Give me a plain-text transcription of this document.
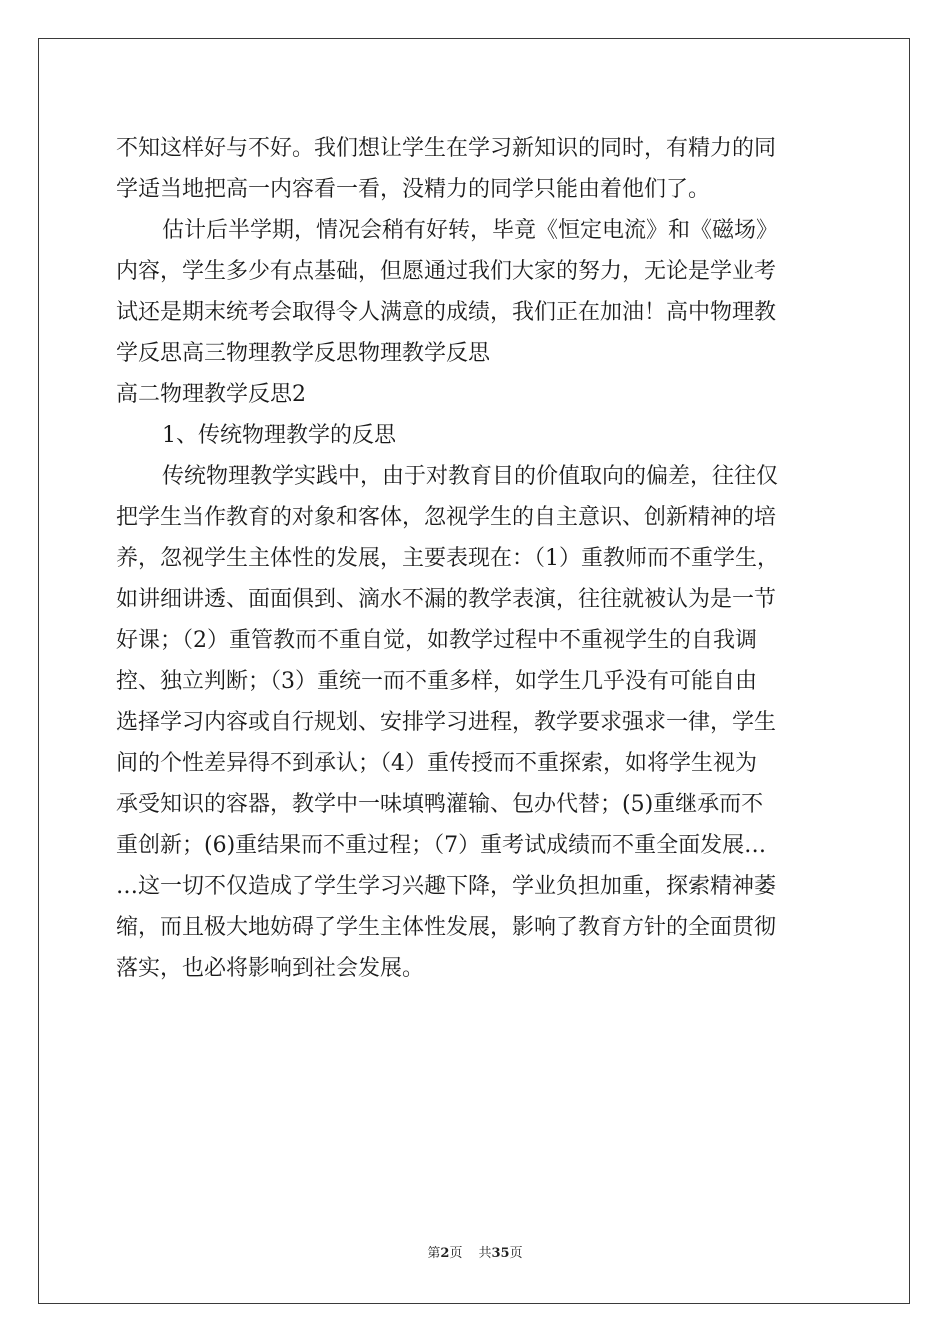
不知这样好与不好。我们想让学生在学习新知识的同时，有精力的同
学适当地把高一内容看一看，没精力的同学只能由着他们了。
估计后半学期，情况会稍有好转，毕竟《恒定电流》和《磁场》
内容，学生多少有点基础，但愿通过我们大家的努力，无论是学业考
试还是期末统考会取得令人满意的成绩，我们正在加油！高中物理教
学反思高三物理教学反思物理教学反思
高二物理教学反思2
1、传统物理教学的反思
传统物理教学实践中，由于对教育目的价值取向的偏差，往往仅
把学生当作教育的对象和客体，忽视学生的自主意识、创新精神的培
养，忽视学生主体性的发展，主要表现在：（1）重教师而不重学生，
如讲细讲透、面面俱到、滴水不漏的教学表演，往往就被认为是一节
好课；（2）重管教而不重自觉，如教学过程中不重视学生的自我调
控、独立判断；（3）重统一而不重多样，如学生几乎没有可能自由
选择学习内容或自行规划、安排学习进程，教学要求强求一律，学生
间的个性差异得不到承认；（4）重传授而不重探索，如将学生视为
承受知识的容器，教学中一味填鸭灌输、包办代替；(5)重继承而不
重创新；(6)重结果而不重过程；（7）重考试成绩而不重全面发展…
…这一切不仅造成了学生学习兴趣下降，学业负担加重，探索精神萎
缩，而且极大地妨碍了学生主体性发展，影响了教育方针的全面贯彻
落实，也必将影响到社会发展。
第2页 共35页
